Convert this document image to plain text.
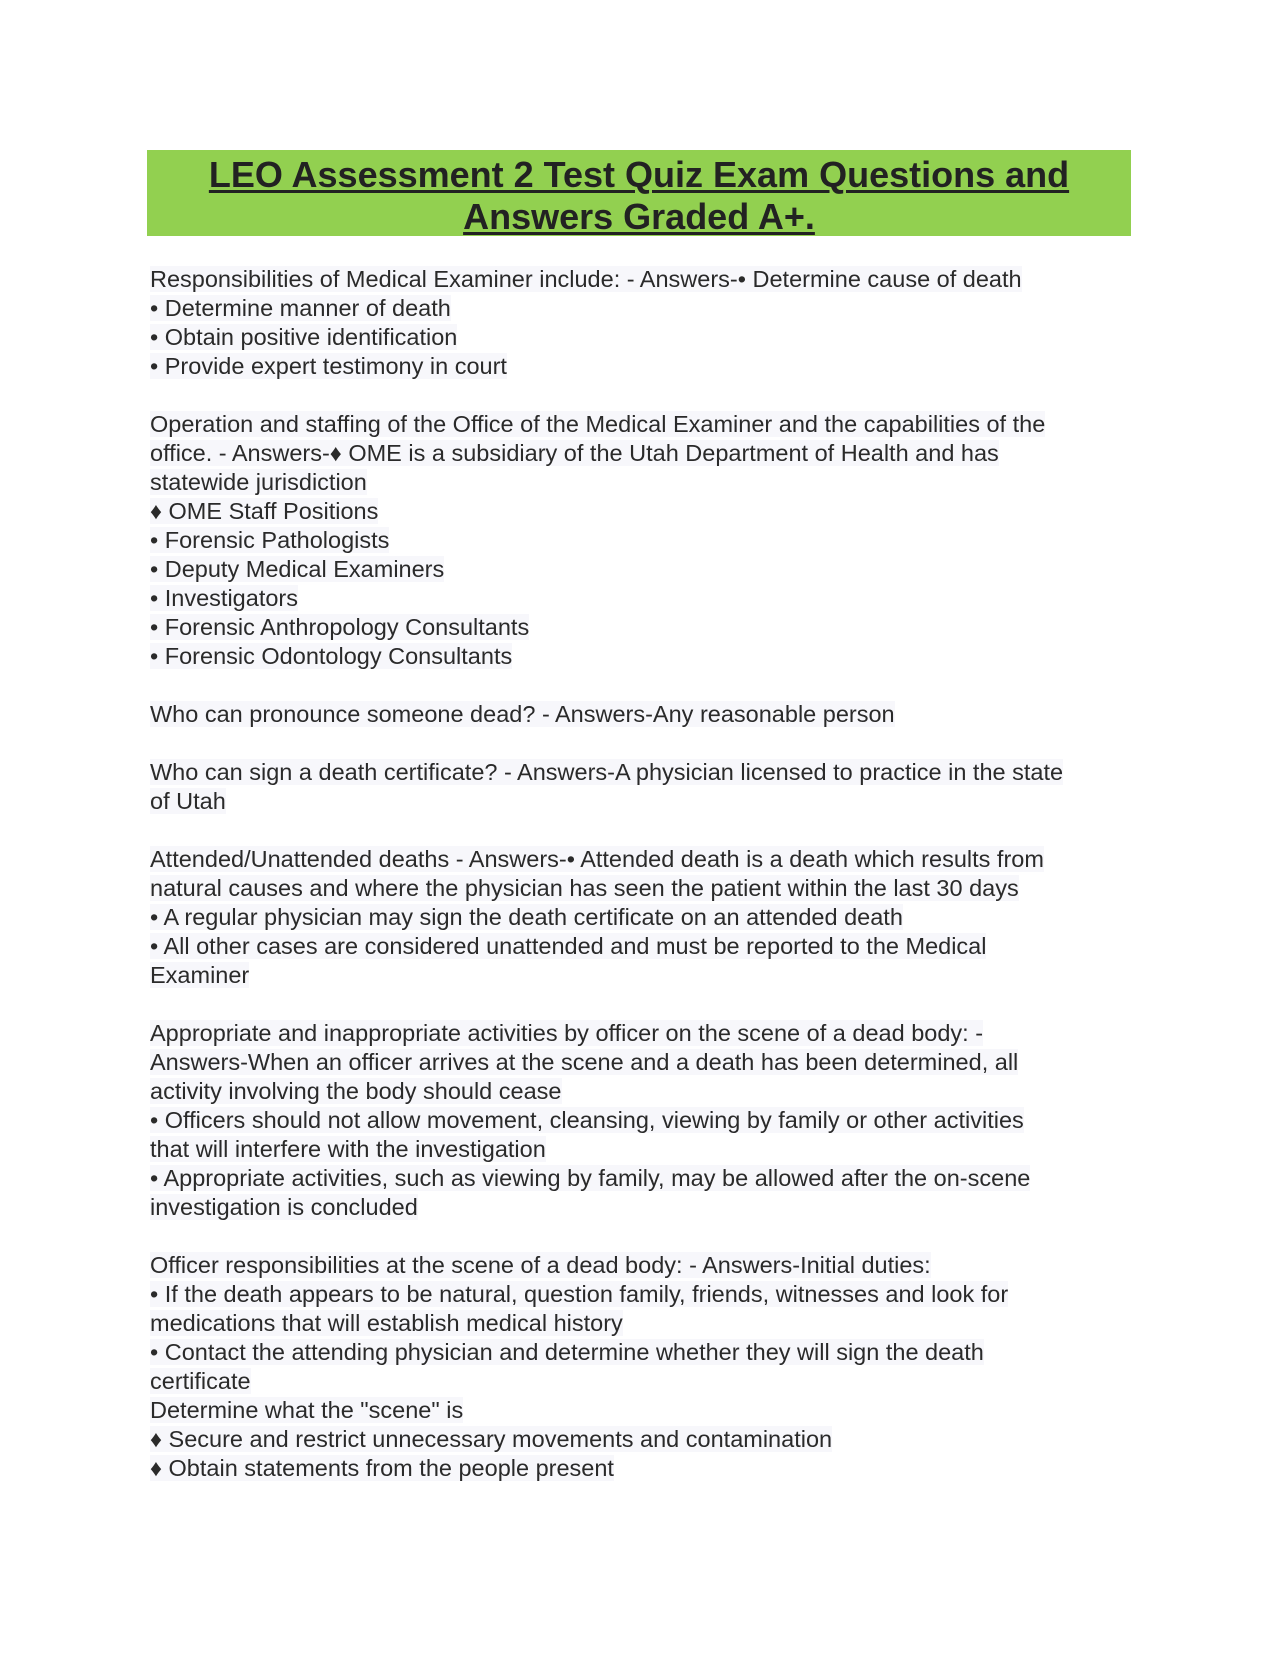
LEO Assessment 2 Test Quiz Exam Questions and
Answers Graded A+.
Responsibilities of Medical Examiner include: - Answers-• Determine cause of death
• Determine manner of death
• Obtain positive identification
• Provide expert testimony in court
Operation and staffing of the Office of the Medical Examiner and the capabilities of the
office. - Answers-♦ OME is a subsidiary of the Utah Department of Health and has
statewide jurisdiction
♦ OME Staff Positions
• Forensic Pathologists
• Deputy Medical Examiners
• Investigators
• Forensic Anthropology Consultants
• Forensic Odontology Consultants
Who can pronounce someone dead? - Answers-Any reasonable person
Who can sign a death certificate? - Answers-A physician licensed to practice in the state
of Utah
Attended/Unattended deaths - Answers-• Attended death is a death which results from
natural causes and where the physician has seen the patient within the last 30 days
• A regular physician may sign the death certificate on an attended death
• All other cases are considered unattended and must be reported to the Medical
Examiner
Appropriate and inappropriate activities by officer on the scene of a dead body: -
Answers-When an officer arrives at the scene and a death has been determined, all
activity involving the body should cease
• Officers should not allow movement, cleansing, viewing by family or other activities
that will interfere with the investigation
• Appropriate activities, such as viewing by family, may be allowed after the on-scene
investigation is concluded
Officer responsibilities at the scene of a dead body: - Answers-Initial duties:
• If the death appears to be natural, question family, friends, witnesses and look for
medications that will establish medical history
• Contact the attending physician and determine whether they will sign the death
certificate
Determine what the "scene" is
♦ Secure and restrict unnecessary movements and contamination
♦ Obtain statements from the people present
